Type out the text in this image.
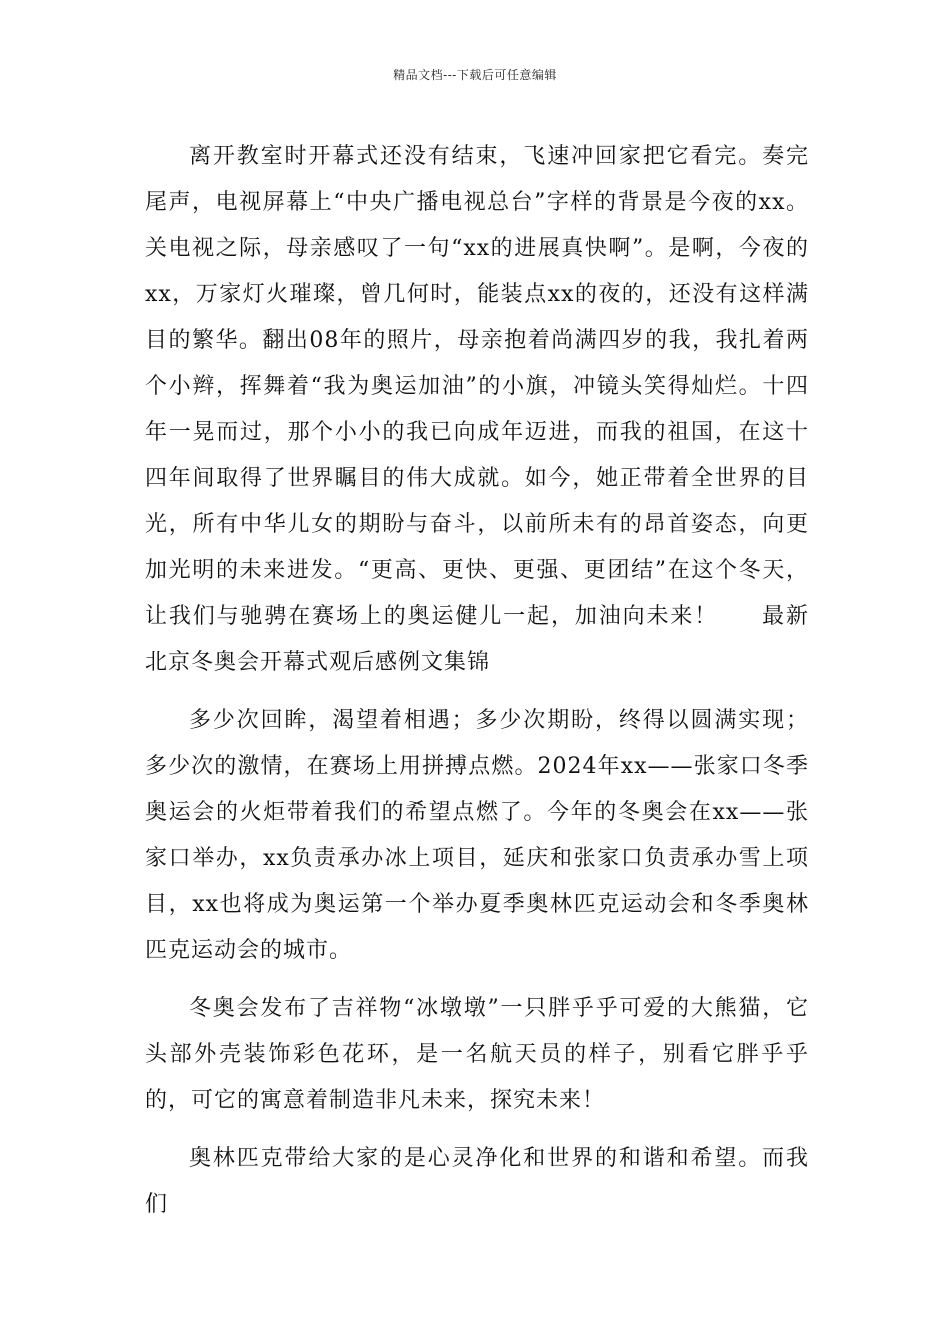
精品文档---下载后可任意编辑

离开教室时开幕式还没有结束，飞速冲回家把它看完。奏完尾声，电视屏幕上“中央广播电视总台”字样的背景是今夜的xx。关电视之际，母亲感叹了一句“xx的进展真快啊”。是啊，今夜的xx，万家灯火璀璨，曾几何时，能装点xx的夜的，还没有这样满目的繁华。翻出08年的照片，母亲抱着尚满四岁的我，我扎着两个小辫，挥舞着“我为奥运加油”的小旗，冲镜头笑得灿烂。十四年一晃而过，那个小小的我已向成年迈进，而我的祖国，在这十四年间取得了世界瞩目的伟大成就。如今，她正带着全世界的目光，所有中华儿女的期盼与奋斗，以前所未有的昂首姿态，向更加光明的未来进发。“更高、更快、更强、更团结”在这个冬天，让我们与驰骋在赛场上的奥运健儿一起，加油向未来！ 最新北京冬奥会开幕式观后感例文集锦

多少次回眸，渴望着相遇；多少次期盼，终得以圆满实现；多少次的激情，在赛场上用拼搏点燃。2024年xx——张家口冬季奥运会的火炬带着我们的希望点燃了。今年的冬奥会在xx——张家口举办，xx负责承办冰上项目，延庆和张家口负责承办雪上项目，xx也将成为奥运第一个举办夏季奥林匹克运动会和冬季奥林匹克运动会的城市。

冬奥会发布了吉祥物“冰墩墩”一只胖乎乎可爱的大熊猫，它头部外壳装饰彩色花环，是一名航天员的样子，别看它胖乎乎的，可它的寓意着制造非凡未来，探究未来！

奥林匹克带给大家的是心灵净化和世界的和谐和希望。而我们
